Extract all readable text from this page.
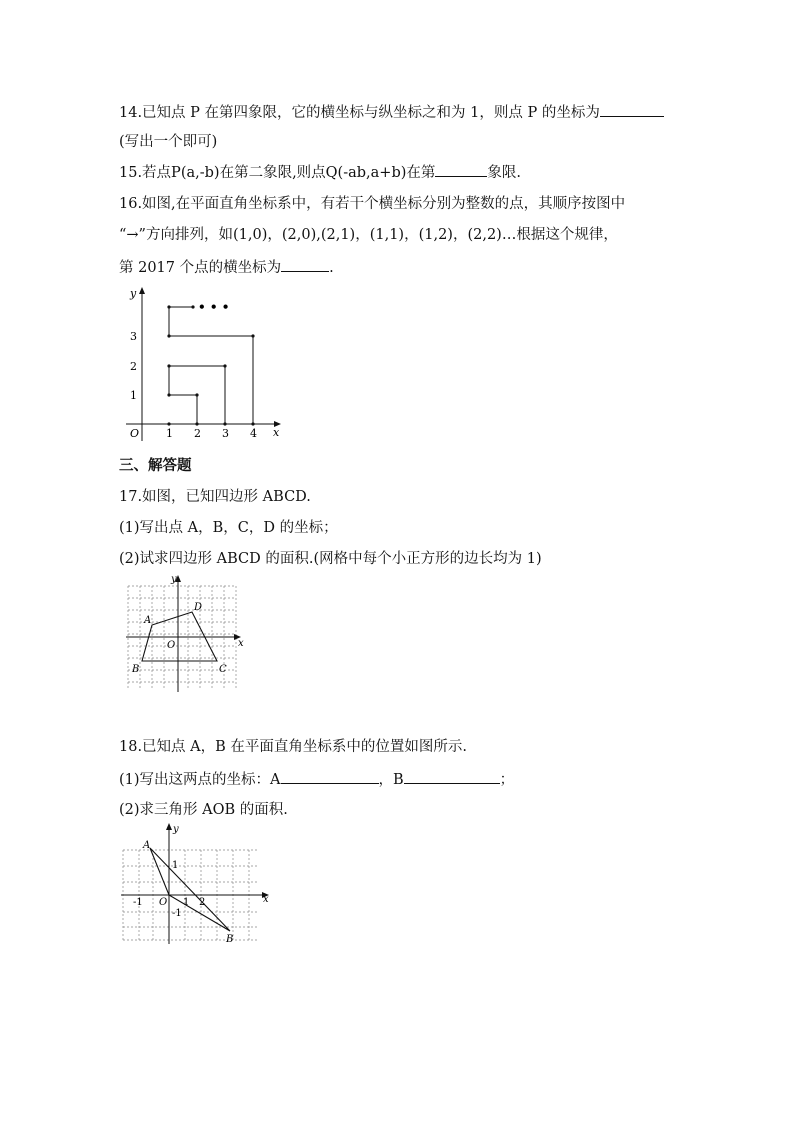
14.已知点 P 在第四象限，它的横坐标与纵坐标之和为 1，则点 P 的坐标为
(写出一个即可)
15.若点P(a,-b)在第二象限,则点Q(-ab,a+b)在第	象限.
16.如图,在平面直角坐标系中，有若干个横坐标分别为整数的点，其顺序按图中
“→”方向排列，如(1,0)，(2,0),(2,1)，(1,1)，(1,2)，(2,2)…根据这个规律，
第 2017 个点的横坐标为	.
• • •
y
x
O 1 2 3 4
1
2
3
三、解答题
17.如图，已知四边形 ABCD.
(1)写出点 A，B，C，D 的坐标；
(2)试求四边形 ABCD 的面积.(网格中每个小正方形的边长均为 1)
A
D
B	C
O	x
y
18.已知点 A，B 在平面直角坐标系中的位置如图所示.
(1)写出这两点的坐标：A	，B	；
(2)求三角形 AOB 的面积.
A
B
O	x
y
1
-1	1 2
-1
